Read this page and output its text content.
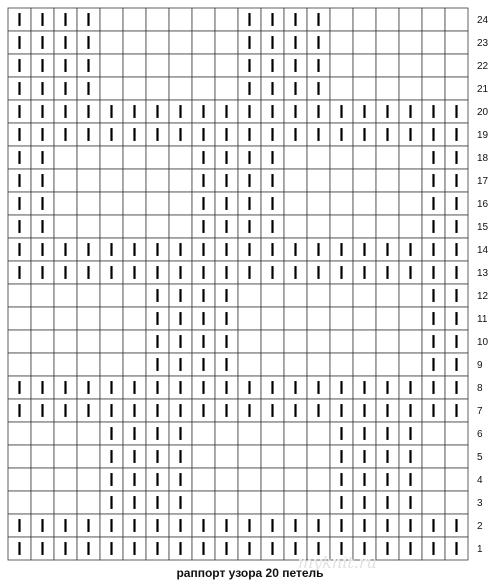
24
23
22
21
20
19
18
17
16
15
14
13
12
11
10
9
8
7
6
5
4
3
2
1
myknit.ru
раппорт узора 20 петель
